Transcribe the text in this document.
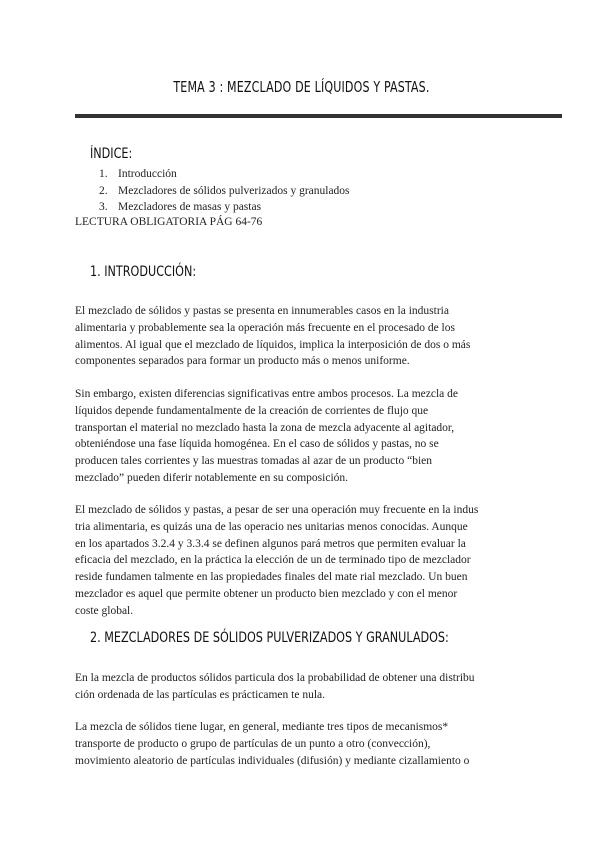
TEMA 3 : MEZCLADO DE LÍQUIDOS Y PASTAS.
ÍNDICE:
1. Introducción
2. Mezcladores de sólidos pulverizados y granulados
3. Mezcladores de masas y pastas
LECTURA OBLIGATORIA PÁG 64-76
1. INTRODUCCIÓN:

El mezclado de sólidos y pastas se presenta en innumerables casos en la industria
alimentaria y probablemente sea la operación más frecuente en el procesado de los
alimentos. Al igual que el mezclado de líquidos, implica la interposición de dos o más
componentes separados para formar un producto más o menos uniforme.

Sin embargo, existen diferencias significativas entre ambos procesos. La mezcla de
líquidos depende fundamentalmente de la creación de corrientes de flujo que
transportan el material no mezclado hasta la zona de mezcla adyacente al agitador,
obteniéndose una fase líquida homogénea. En el caso de sólidos y pastas, no se
producen tales corrientes y las muestras tomadas al azar de un producto “bien
mezclado” pueden diferir notablemente en su composición.

El mezclado de sólidos y pastas, a pesar de ser una operación muy frecuente en la indus
tria alimentaria, es quizás una de las operacio nes unitarias menos conocidas. Aunque
en los apartados 3.2.4 y 3.3.4 se definen algunos pará metros que permiten evaluar la
eficacia del mezclado, en la práctica la elección de un de terminado tipo de mezclador
reside fundamen talmente en las propiedades finales del mate rial mezclado. Un buen
mezclador es aquel que permite obtener un producto bien mezclado y con el menor
coste global.

2. MEZCLADORES DE SÓLIDOS PULVERIZADOS Y GRANULADOS:

En la mezcla de productos sólidos particula dos la probabilidad de obtener una distribu
ción ordenada de las partículas es prácticamen te nula.

La mezcla de sólidos tiene lugar, en general, mediante tres tipos de mecanismos*
transporte de producto o grupo de partículas de un punto a otro (convección),
movimiento aleatorio de partículas individuales (difusión) y mediante cizallamiento o
